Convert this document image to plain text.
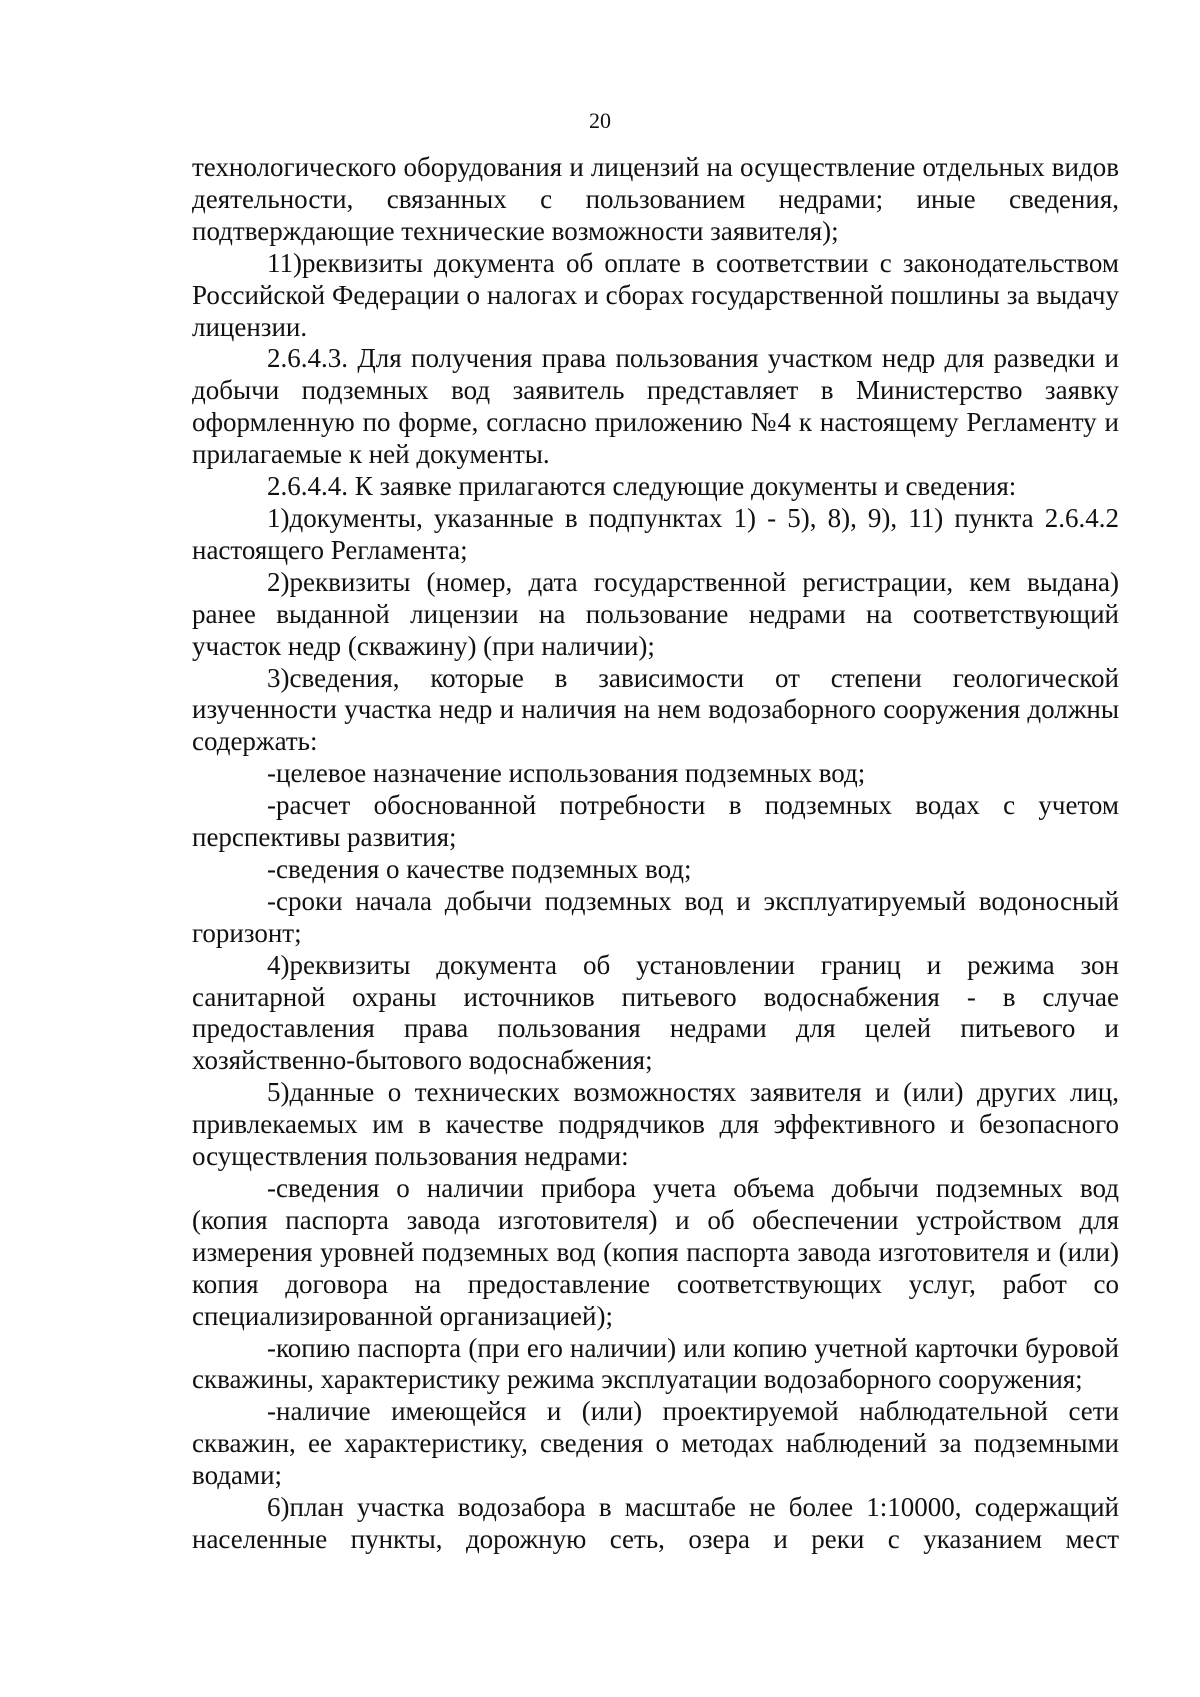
20

технологического оборудования и лицензий на осуществление отдельных видов деятельности, связанных с пользованием недрами; иные сведения, подтверждающие технические возможности заявителя);

11)реквизиты документа об оплате в соответствии с законодательством Российской Федерации о налогах и сборах государственной пошлины за выдачу лицензии.

2.6.4.3. Для получения права пользования участком недр для разведки и добычи подземных вод заявитель представляет в Министерство заявку оформленную по форме, согласно приложению №4 к настоящему Регламенту и прилагаемые к ней документы.

2.6.4.4. К заявке прилагаются следующие документы и сведения:

1)документы, указанные в подпунктах 1) - 5), 8), 9), 11) пункта 2.6.4.2 настоящего Регламента;

2)реквизиты (номер, дата государственной регистрации, кем выдана) ранее выданной лицензии на пользование недрами на соответствующий участок недр (скважину) (при наличии);

3)сведения, которые в зависимости от степени геологической изученности участка недр и наличия на нем водозаборного сооружения должны содержать:

-целевое назначение использования подземных вод;

-расчет обоснованной потребности в подземных водах с учетом перспективы развития;

-сведения о качестве подземных вод;

-сроки начала добычи подземных вод и эксплуатируемый водоносный горизонт;

4)реквизиты документа об установлении границ и режима зон санитарной охраны источников питьевого водоснабжения - в случае предоставления права пользования недрами для целей питьевого и хозяйственно-бытового водоснабжения;

5)данные о технических возможностях заявителя и (или) других лиц, привлекаемых им в качестве подрядчиков для эффективного и безопасного осуществления пользования недрами:

-сведения о наличии прибора учета объема добычи подземных вод (копия паспорта завода изготовителя) и об обеспечении устройством для измерения уровней подземных вод (копия паспорта завода изготовителя и (или) копия договора на предоставление соответствующих услуг, работ со специализированной организацией);

-копию паспорта (при его наличии) или копию учетной карточки буровой скважины, характеристику режима эксплуатации водозаборного сооружения;

-наличие имеющейся и (или) проектируемой наблюдательной сети скважин, ее характеристику, сведения о методах наблюдений за подземными водами;

6)план участка водозабора в масштабе не более 1:10000, содержащий населенные пункты, дорожную сеть, озера и реки с указанием мест
